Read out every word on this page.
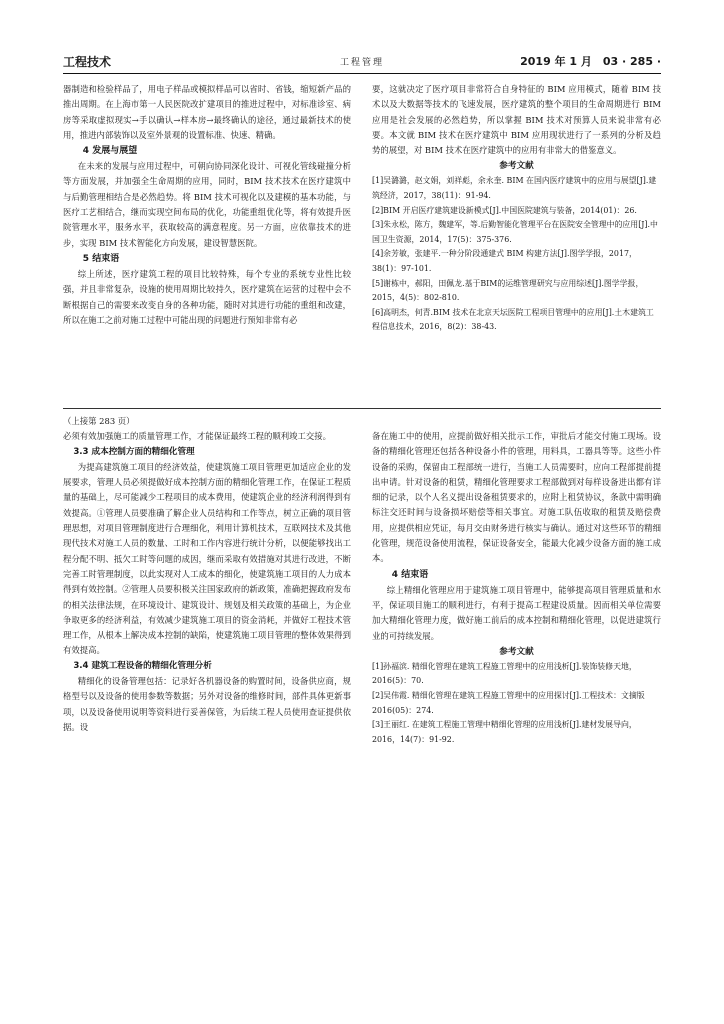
工程技术	工程管理	2019 年 1 月　03 · 285 ·

器制造和检验样品了，用电子样品或模拟样品可以省时、省钱，缩短新产品的推出周期。在上海市第一人民医院改扩建项目的推进过程中，对标准诊室、病房等采取虚拟现实→手以确认→样本房→最终确认的途径，通过最新技术的使用，推进内部装饰以及室外景观的设置标准、快速、精确。

4 发展与展望

在未来的发展与应用过程中，可朝向协同深化设计、可视化管线碰撞分析等方面发展，并加强全生命周期的应用，同时，BIM 技术技术在医疗建筑中与后勤管理相结合是必然趋势。将 BIM 技术可视化以及建模的基本功能，与医疗工艺相结合，继而实现空间布局的优化，功能重组优化等，将有效提升医院管理水平，服务水平，获取较高的满意程度。另一方面，应依靠技术的进步，实现 BIM 技术智能化方向发展，建设智慧医院。

5 结束语

综上所述，医疗建筑工程的项目比较特殊，每个专业的系统专业性比较强，并且非常复杂，设施的使用周期比较持久，医疗建筑在运营的过程中会不断根据自己的需要来改变自身的各种功能，随时对其进行功能的重组和改建，所以在施工之前对施工过程中可能出现的问题进行预知非常有必

要，这就决定了医疗项目非常符合自身特征的 BIM 应用模式，随着 BIM 技术以及大数据等技术的飞速发展，医疗建筑的整个项目的生命周期进行 BIM 应用是社会发展的必然趋势，所以掌握 BIM 技术对预算人员来说非常有必要。本文就 BIM 技术在医疗建筑中 BIM 应用现状进行了一系列的分析及趋势的展望，对 BIM 技术在医疗建筑中的应用有非常大的借鉴意义。

参考文献
[1]吴潞潞，赵文娟，刘祥彪，余永奎. BIM 在国内医疗建筑中的应用与展望[J].建筑经济，2017，38(11)：91-94.
[2]BIM 开启医疗建筑建设新模式[J].中国医院建筑与装备，2014(01)：26.
[3]朱永松，陈方，魏建军，等.后勤智能化管理平台在医院安全管理中的应用[J].中国卫生资源，2014，17(5)：375-376.
[4]余芳敏，张建平.一种分阶段通建式 BIM 构建方法[J].图学学报，2017，38(1)：97-101.
[5]谢栋中，郝阳，田佩龙.基于BIM的运维管理研究与应用综述[J].图学学报，2015，4(5)：802-810.
[6]高明杰，何青.BIM 技术在北京天坛医院工程项目管理中的应用[J].土木建筑工程信息技术，2016，8(2)：38-43.

（上接第 283 页）

必须有效加强施工的质量管理工作，才能保证最终工程的顺利竣工交接。

3.3 成本控制方面的精细化管理

为提高建筑施工项目的经济效益，使建筑施工项目管理更加适应企业的发展要求，管理人员必须提做好成本控制方面的精细化管理工作，在保证工程质量的基础上，尽可能减少工程项目的成本费用，使建筑企业的经济利润得到有效提高。①管理人员要准确了解企业人员结构和工作等点，树立正确的项目管理思想，对项目管理制度进行合理细化，利用计算机技术，互联网技术及其他现代技术对施工人员的数量、工时和工作内容进行统计分析，以便能够找出工程分配不明、抵欠工时等问题的成因，继而采取有效措施对其进行改进，不断完善工时管理制度，以此实现对人工成本的细化，使建筑施工项目的人力成本得到有效控制。②管理人员要积极关注国家政府的新政策，准确把握政府发布的相关法律法规，在环境设计、建筑设计、规划及相关政策的基础上，为企业争取更多的经济利益，有效减少建筑施工项目的资金消耗，并做好工程技术管理工作，从根本上解决成本控制的缺陷，使建筑施工项目管理的整体效果得到有效提高。

3.4 建筑工程设备的精细化管理分析

精细化的设备管理包括：记录好各机器设备的购置时间，设备供应商，规格型号以及设备的使用参数等数据；另外对设备的维修时间，部件具体更新事项，以及设备使用说明等资料进行妥善保管，为后续工程人员使用查证提供依据。设

备在施工中的使用，应提前做好相关批示工作，审批后才能交付施工现场。设备的精细化管理还包括各种设备小件的管理，用料具，工器具等等。这些小件设备的采购，保留由工程部统一进行，当施工人员需要时，应向工程部提前提出申请。针对设备的租赁，精细化管理要求工程部做到对每样设备进出都有详细的记录，以个人名义提出设备租赁要求的，应附上租赁协议，条款中需明确标注交还时间与设备损坏赔偿等相关事宜。对施工队伍收取的租赁及赔偿费用，应提供相应凭证，每月交由财务进行核实与确认。通过对这些环节的精细化管理，规范设备使用流程，保证设备安全，能最大化减少设备方面的施工成本。

4 结束语

综上精细化管理应用于建筑施工项目管理中，能够提高项目管理质量和水平，保证项目施工的顺利进行，有利于提高工程建设质量。因而相关单位需要加大精细化管理力度，做好施工前后的成本控制和精细化管理，以促进建筑行业的可持续发展。

参考文献
[1]孙福滨. 精细化管理在建筑工程施工管理中的应用浅析[J].装饰装修天地，2016(5)：70.
[2]吴伟霞. 精细化管理在建筑工程施工管理中的应用探讨[J].工程技术：文摘版 2016(05)：274.
[3]王丽红. 在建筑工程施工管理中精细化管理的应用浅析[J].建材发展导向，2016，14(7)：91-92.
